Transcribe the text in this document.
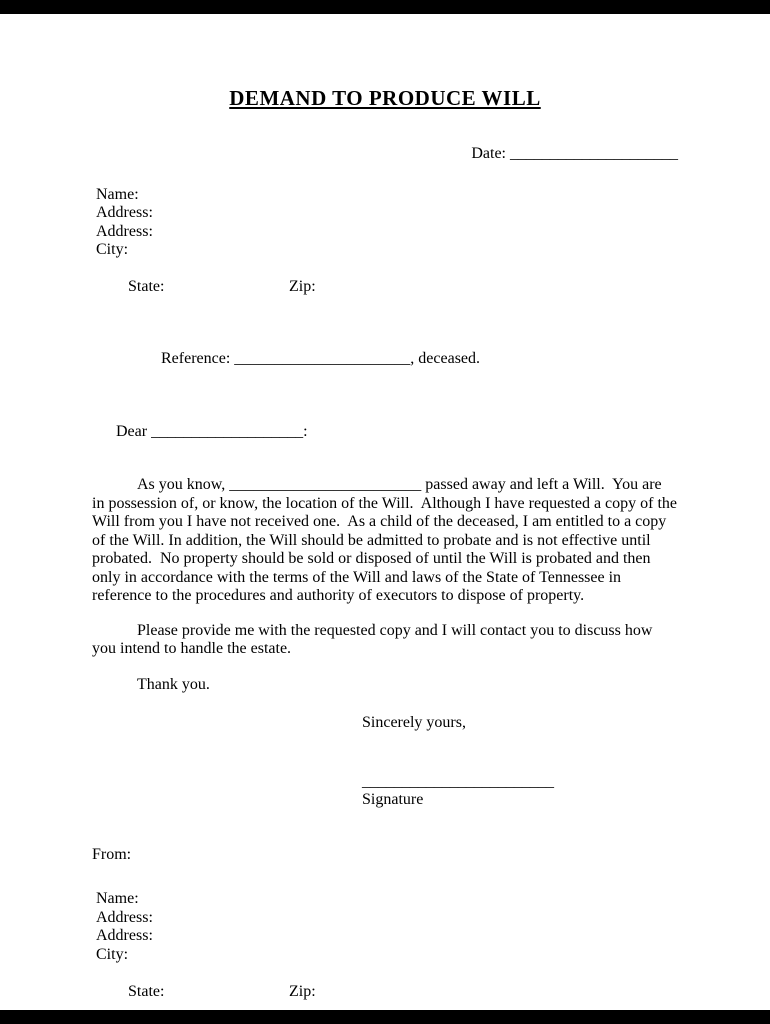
DEMAND TO PRODUCE WILL
Date: _____________________
Name:
Address:
Address:
City:

State:	Zip:

Reference: ______________________, deceased.

Dear ___________________:

As you know, ________________________ passed away and left a Will.  You are in possession of, or know, the location of the Will.  Although I have requested a copy of the Will from you I have not received one.  As a child of the deceased, I am entitled to a copy of the Will. In addition, the Will should be admitted to probate and is not effective until probated.  No property should be sold or disposed of until the Will is probated and then only in accordance with the terms of the Will and laws of the State of Tennessee in reference to the procedures and authority of executors to dispose of property.

Please provide me with the requested copy and I will contact you to discuss how you intend to handle the estate.

Thank you.
Sincerely yours,
________________________
Signature
From:
Name:
Address:
Address:
City:

State:	Zip:
